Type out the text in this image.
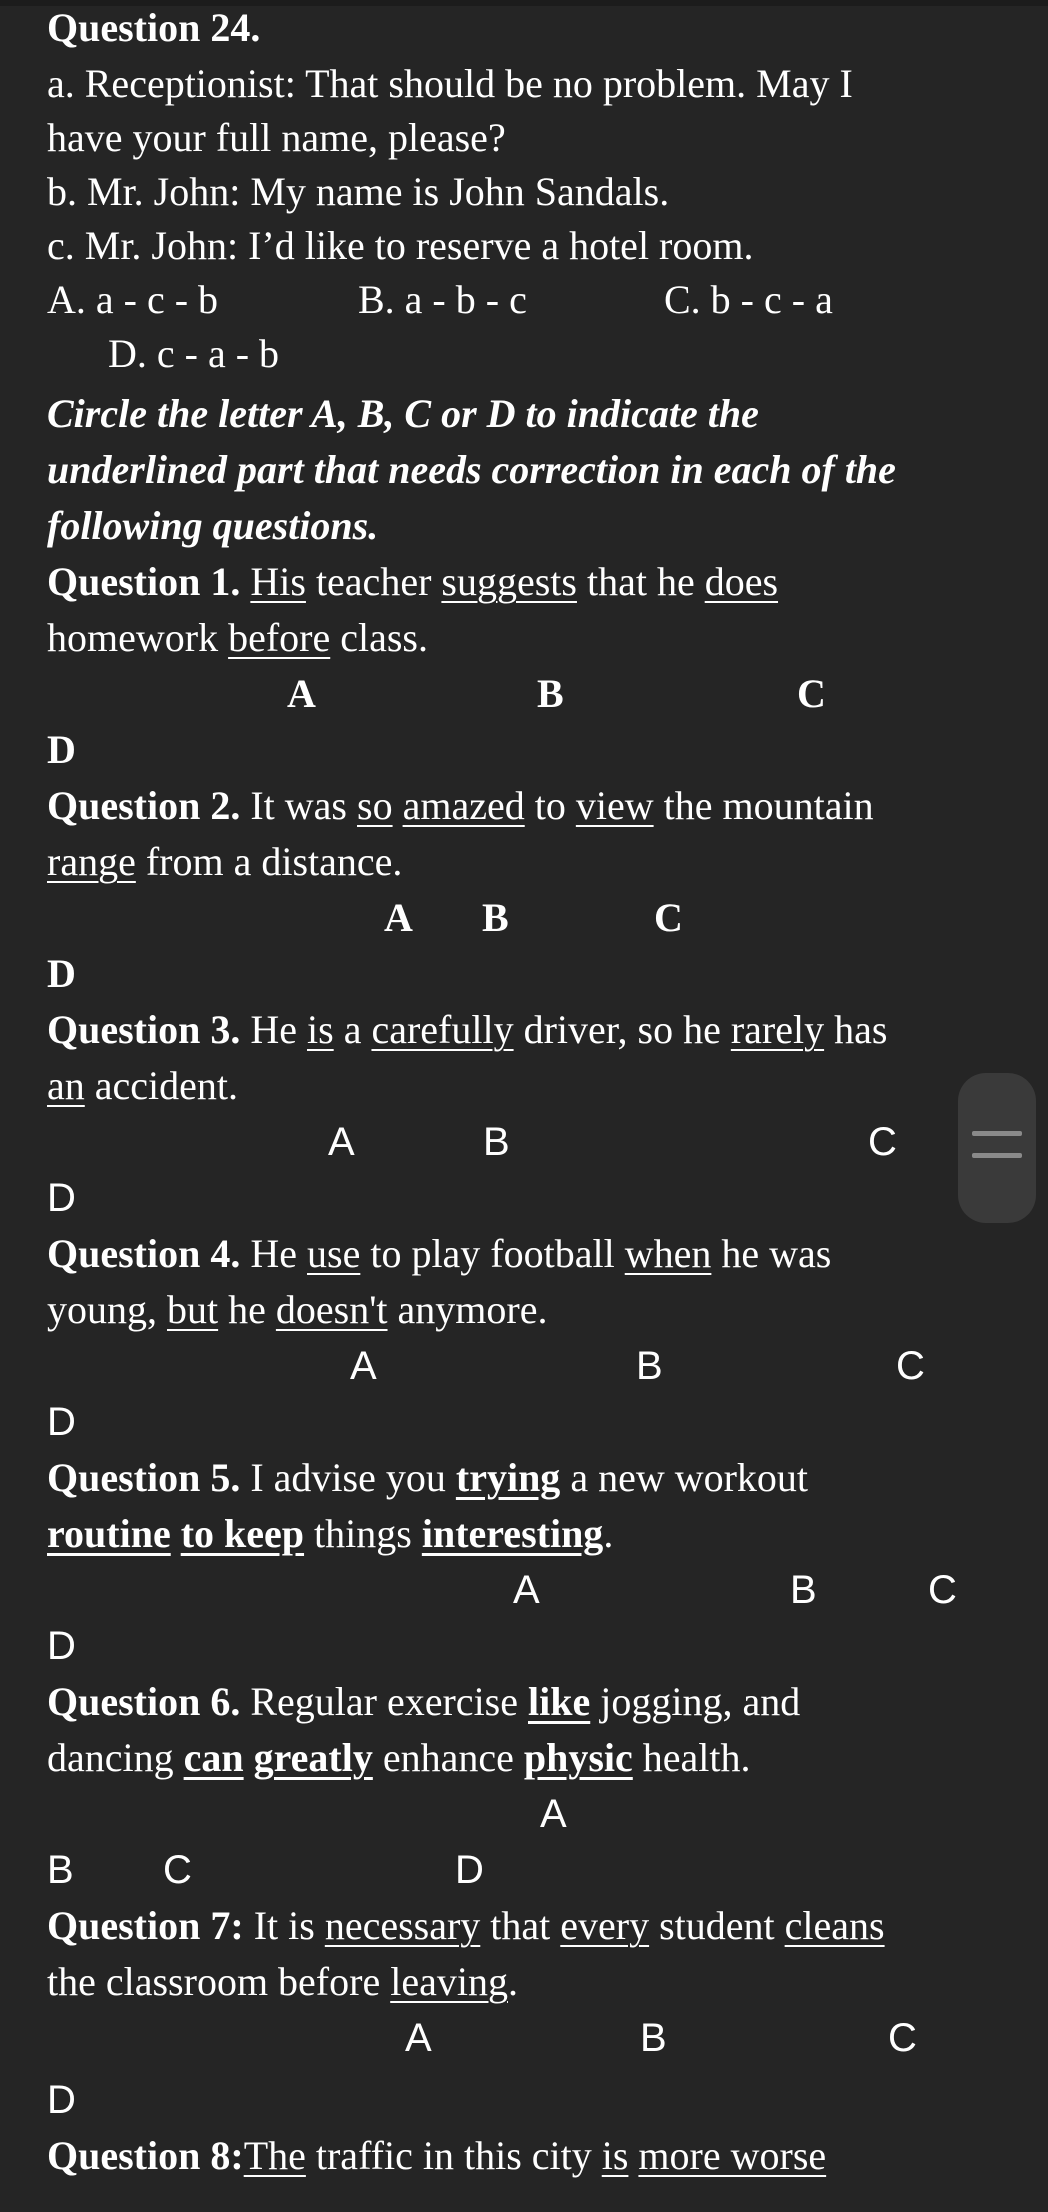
Question 24.
a. Receptionist: That should be no problem. May I
have your full name, please?
b. Mr. John: My name is John Sandals.
c. Mr. John: I’d like to reserve a hotel room.
A. a - c - b	B. a - b - c	C. b - c - a
D. c - a - b
Circle the letter A, B, C or D to indicate the
underlined part that needs correction in each of the
following questions.
Question 1. His teacher suggests that he does
homework before class.
A	B	C
D
Question 2. It was so amazed to view the mountain
range from a distance.
A B	C
D
Question 3. He is a carefully driver, so he rarely has
an accident.
A	B	C
D
Question 4. He use to play football when he was
young, but he doesn't anymore.
A	B	C
D
Question 5. I advise you trying a new workout
routine to keep things interesting.
A	B	C
D
Question 6. Regular exercise like jogging, and
dancing can greatly enhance physic health.
A
B C	D
Question 7: It is necessary that every student cleans
the classroom before leaving.
A	B	C
D
Question 8:The traffic in this city is more worse
